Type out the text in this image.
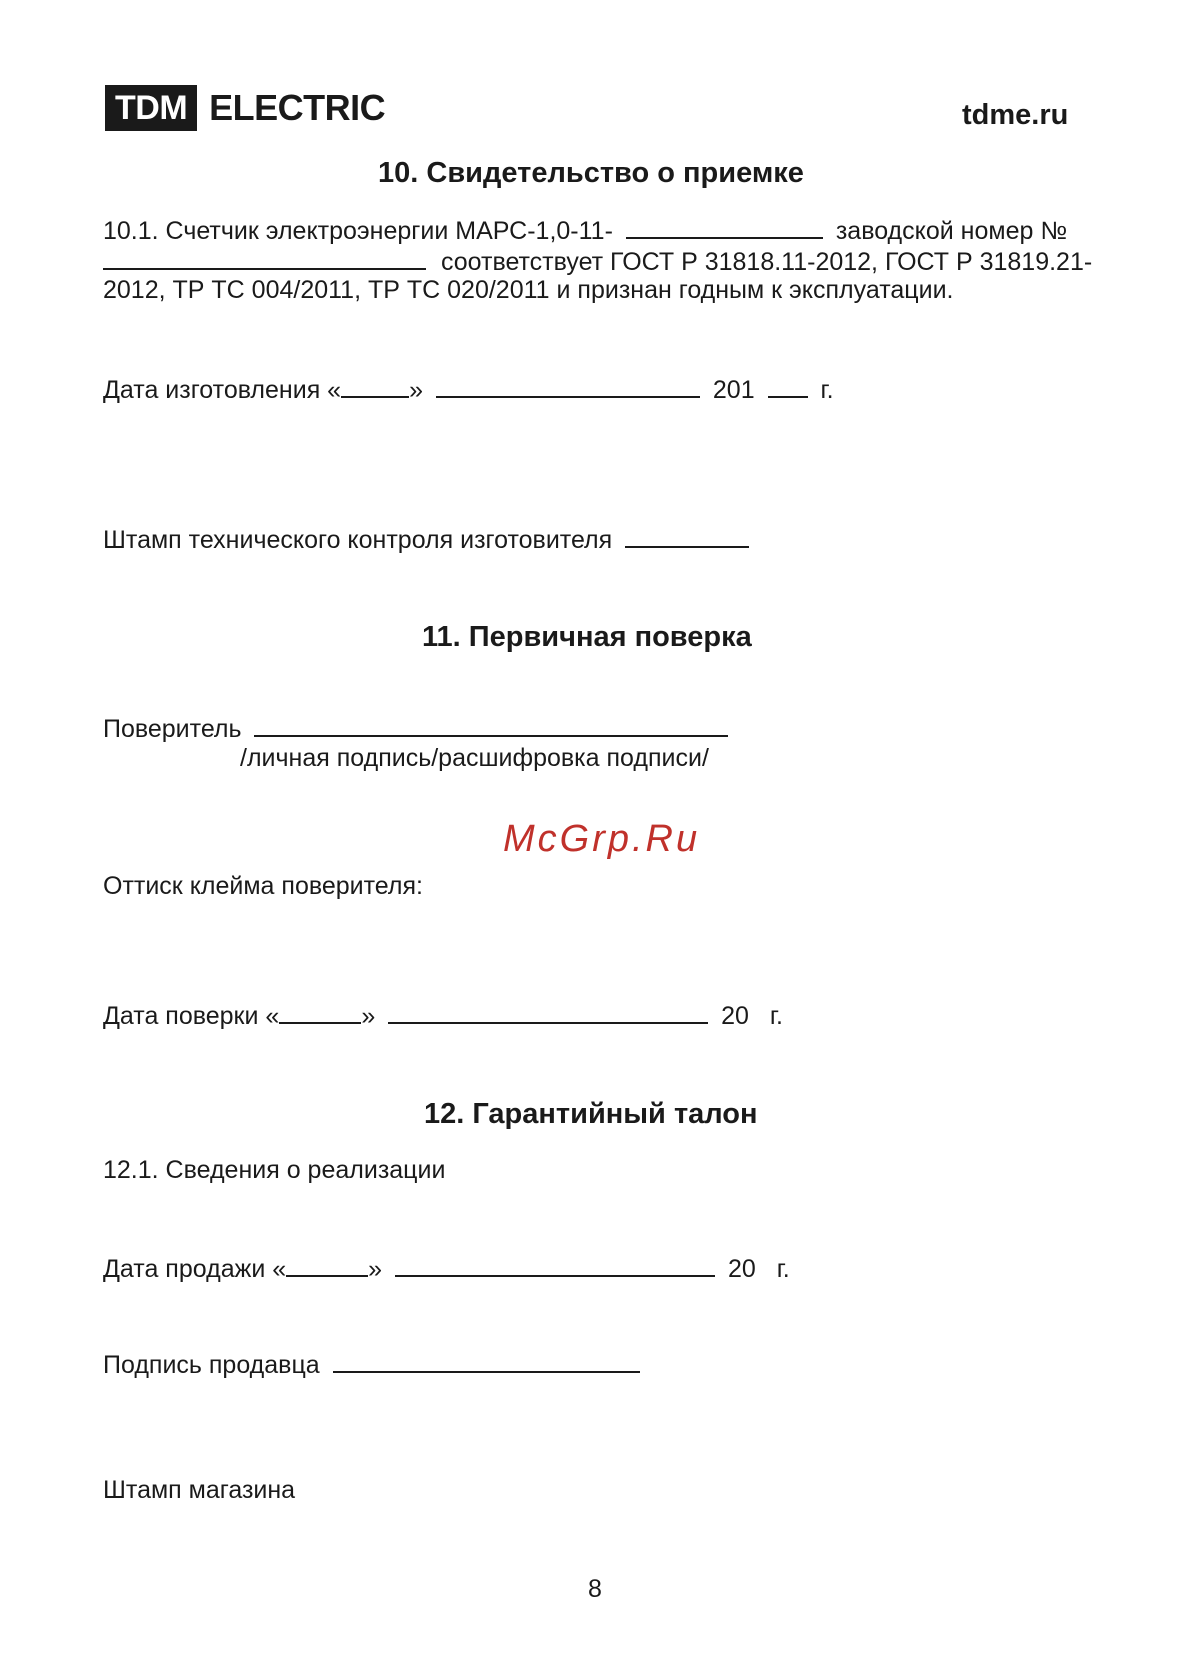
TDM ELECTRIC	tdme.ru
10. Свидетельство о приемке
10.1. Счетчик электроэнергии МАРС-1,0-11-	заводской номер №
соответствует ГОСТ Р 31818.11-2012, ГОСТ Р 31819.21-
2012, ТР ТС 004/2011, ТР ТС 020/2011 и признан годным к эксплуатации.
Дата изготовления «	»	201	г.
Штамп технического контроля изготовителя
11. Первичная поверка
Поверитель
/личная подпись/расшифровка подписи/
McGrp.Ru
Оттиск клейма поверителя:
Дата поверки «	»	20 г.
12. Гарантийный талон
12.1. Сведения о реализации
Дата продажи «	»	20 г.
Подпись продавца
Штамп магазина
8
